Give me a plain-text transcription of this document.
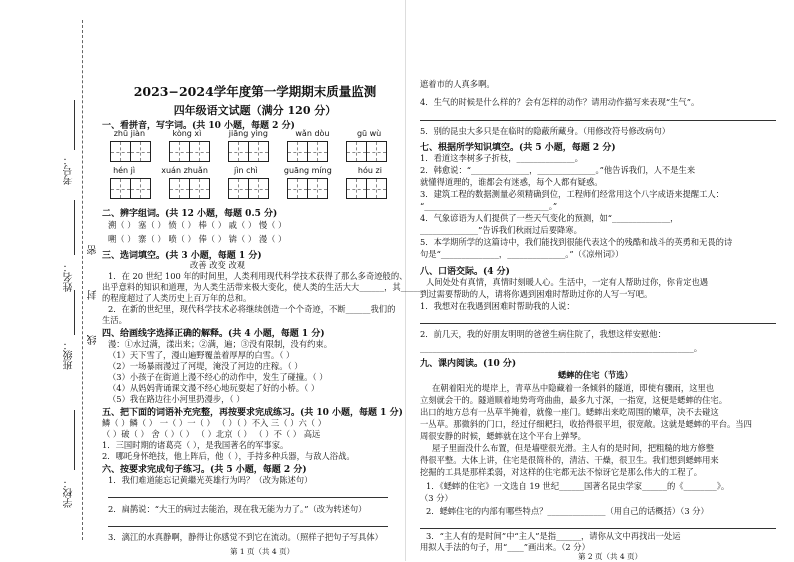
学校：
班级：
姓名：
考号：
密
封
线
2023−2024学年度第一学期期末质量监测
四年级语文试题（满分 120 分）
一、看拼音，写字词。(共 10 小题，每题 2 分)
zhū jiàn	kòng xì	jiāng yìng	wǎn dòu	gū wù
hén jì	xuán zhuǎn	jìn chì	guāng míng	hóu zi
二、辨字组词。(共 12 小题，每题 0.5 分)
溯（ ） 塞（ ） 愤（ ） 棒（ ） 戚（ ） 慢（ ）
嗍（ ） 寨（ ） 喷（ ） 俸（ ） 锛（ ） 漫（ ）
三、选词填空。(共 3 小题，每题 1 分)
改善 改变 改观
1．在 20 世纪 100 年的时间里，人类利用现代科学技术获得了那么多奇迹般的、
出乎意料的知识和道理，为人类生活带来极大变化，使人类的生活大大______，其______
的程度超过了人类历史上百万年的总和。
2．在新的世纪里，现代科学技术必将继续创造一个个奇迹，不断______我们的
生活。
四、给画线字选择正确的解释。(共 4 小题，每题 1 分)
漫：①水过满，漾出来；②满，遍；③没有限制，没有约束。
（1）天下雪了，漫山遍野覆盖着厚厚的白雪。（ ）
（2）一场暴雨漫过了河堤，淹没了河边的庄稼。（ ）
（3）小孩子在街道上漫不经心的动作中，发生了碰撞。（ ）
（4）从妈妈背诵课文漫不经心地玩耍起了好的小桥。（ ）
（5）我在路边往小河里扔漫步，（ ）
五、把下面的词语补充完整，再按要求完成练习。(共 10 小题，每题 1 分)
鳞（ ）鳞（ ） 一（ ）一（ ） （ ）（ ）不入 三（ ）六（ ）
（ ）破（ ） 舍（ ）（ ） （ ）北京（ ） （ ）不（ ） 高远
1．三国时期的诸葛亮（ ），是我国著名的军事家。
2．哪吒身怀绝技，他上阵后，他（ ），手持多种兵器，与敌人浴战。
六、按要求完成句子练习。(共 5 小题，每题 2 分)
1．我们难道能忘记黄繼光英雄行为吗？（改为陈述句）
2．扁鹊说：“大王的病过去能治，现在我无能为力了。”（改为转述句）
3．漓江的水真静啊，静得让你感觉不到它在流动。（照样子把句子写具体）
第 1 页（共 4 页）
遮着市的人真多啊。
4．生气的时候是什么样的？会有怎样的动作？请用动作描写来表现“生气”。
5．别的昆虫大多只是在临时的隐蔽所藏身。（用修改符号修改病句）
七、根据所学知识填空。(共 5 小题，每题 2 分)
1．看道这李树多子折枝，______________。
2．韩愈说：“______________，______________。”他告诉我们，人不是生来
就懂得道理的，谁都会有迷惑，每个人都有疑惑。
3．建筑工程的数据测量必须精确到位，工程师们经常用这个八字成语来提醒工人：
“______________________________。”
4．气象谚语为人们提供了一些天气变化的预测，如“______________，
______________”告诉我们秋雨过后要降寒。
5．本学期所学的这篇诗中，我们能找到很能代表这个的残酷和战斗的英勇和无畏的诗
句是“______________，______________。”（《凉州词》）
八、口语交际。(4 分)
人间处处有真情，真情时刻暖人心。生活中，一定有人帮助过你，你肯定也遇
到过需要帮助的人，请将你遇到困难时帮助过你的人写一写吧。
1．我想对在我遇到困难时帮助我的人说：
2．前几天，我的好朋友明明的爸爸生病住院了，我想这样安慰他：
__________________________________________________________________。
九、课内阅读。(10 分)
蟋蟀的住宅（节选）
在朝着阳光的堤岸上，青草丛中隐藏着一条倾斜的隧道，即使有骤雨，这里也
立刻就会干的。隧道顺着地势弯弯曲曲，最多九寸深，一指宽，这便是蟋蟀的住宅。
出口的地方总有一丛草半掩着，就像一座门。蟋蟀出来吃周围的嫩草，决不去碰这
一丛草。那微斜的门口，经过仔细耙扫，收拾得很平坦，很宽敞。这就是蟋蟀的平台。当四
周很安静的时候，蟋蟀就在这个平台上弹琴。
屋子里面没什么布置，但是墙壁很光滑。主人有的是时间，把粗糙的地方修整
得很平整。大体上讲，住宅是很简朴的，清洁、干燥，很卫生。我们想到蟋蟀用来
挖掘的工具是那样柔弱，对这样的住宅都无法不惊讶它是那么伟大的工程了。
1．《蟋蟀的住宅》一文选自 19 世纪______国著名昆虫学家______的《________》。
（3 分）
2．蟋蟀住宅的内部有哪些特点？______________（用自己的话概括）（3 分）
3．“主人有的是时间”中“主人”是指______，请你从文中再找出一处运
用拟人手法的句子，用“____”画出来。（2 分）
第 2 页（共 4 页）
